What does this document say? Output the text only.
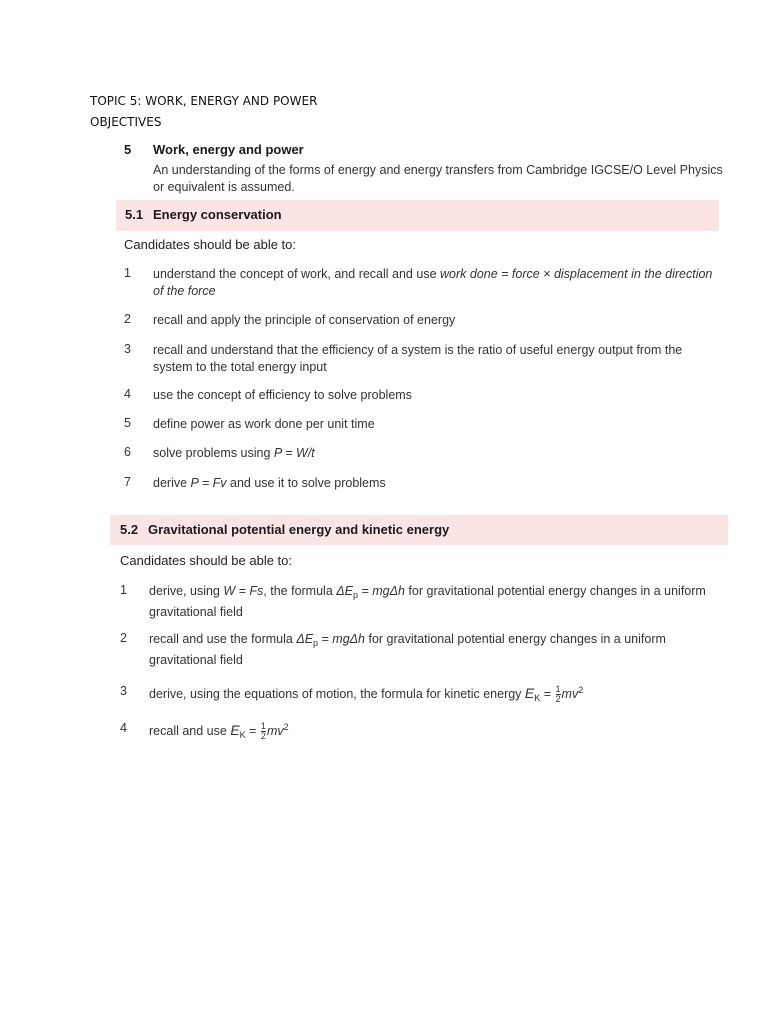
TOPIC 5: WORK, ENERGY AND POWER
OBJECTIVES
5 Work, energy and power
An understanding of the forms of energy and energy transfers from Cambridge IGCSE/O Level Physics or equivalent is assumed.
5.1 Energy conservation
Candidates should be able to:
1 understand the concept of work, and recall and use work done = force × displacement in the direction of the force
2 recall and apply the principle of conservation of energy
3 recall and understand that the efficiency of a system is the ratio of useful energy output from the system to the total energy input
4 use the concept of efficiency to solve problems
5 define power as work done per unit time
6 solve problems using P = W/t
7 derive P = Fv and use it to solve problems
5.2 Gravitational potential energy and kinetic energy
Candidates should be able to:
1 derive, using W = Fs, the formula $\Delta E_p = mg\Delta h$ for gravitational potential energy changes in a uniform gravitational field
2 recall and use the formula $\Delta E_p = mg\Delta h$ for gravitational potential energy changes in a uniform gravitational field
3 derive, using the equations of motion, the formula for kinetic energy $E_K = \frac{1}{2} mv^2$
4 recall and use $E_K = \frac{1}{2} mv^2$
